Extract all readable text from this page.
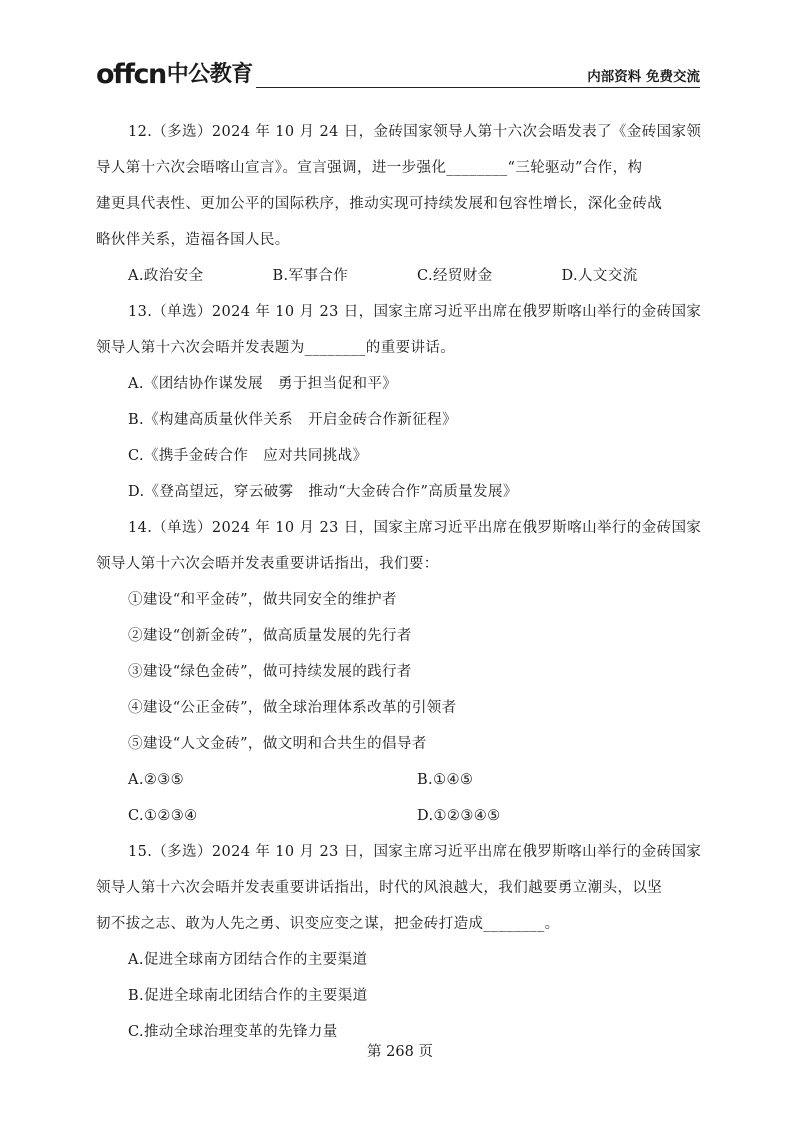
offcn 中公教育	内部资料 免费交流
12.（多选）2024 年 10 月 24 日，金砖国家领导人第十六次会晤发表了《金砖国家领
导人第十六次会晤喀山宣言》。宣言强调，进一步强化________“三轮驱动”合作，构
建更具代表性、更加公平的国际秩序，推动实现可持续发展和包容性增长，深化金砖战
略伙伴关系，造福各国人民。
A.政治安全	B.军事合作	C.经贸财金	D.人文交流
13.（单选）2024 年 10 月 23 日，国家主席习近平出席在俄罗斯喀山举行的金砖国家
领导人第十六次会晤并发表题为________的重要讲话。
A.《团结协作谋发展　勇于担当促和平》
B.《构建高质量伙伴关系　开启金砖合作新征程》
C.《携手金砖合作　应对共同挑战》
D.《登高望远，穿云破雾　推动“大金砖合作”高质量发展》
14.（单选）2024 年 10 月 23 日，国家主席习近平出席在俄罗斯喀山举行的金砖国家
领导人第十六次会晤并发表重要讲话指出，我们要：
①建设“和平金砖”，做共同安全的维护者
②建设“创新金砖”，做高质量发展的先行者
③建设“绿色金砖”，做可持续发展的践行者
④建设“公正金砖”，做全球治理体系改革的引领者
⑤建设“人文金砖”，做文明和合共生的倡导者
A.②③⑤	B.①④⑤
C.①②③④	D.①②③④⑤
15.（多选）2024 年 10 月 23 日，国家主席习近平出席在俄罗斯喀山举行的金砖国家
领导人第十六次会晤并发表重要讲话指出，时代的风浪越大，我们越要勇立潮头，以坚
韧不拔之志、敢为人先之勇、识变应变之谋，把金砖打造成________。
A.促进全球南方团结合作的主要渠道
B.促进全球南北团结合作的主要渠道
C.推动全球治理变革的先锋力量
第 268 页
